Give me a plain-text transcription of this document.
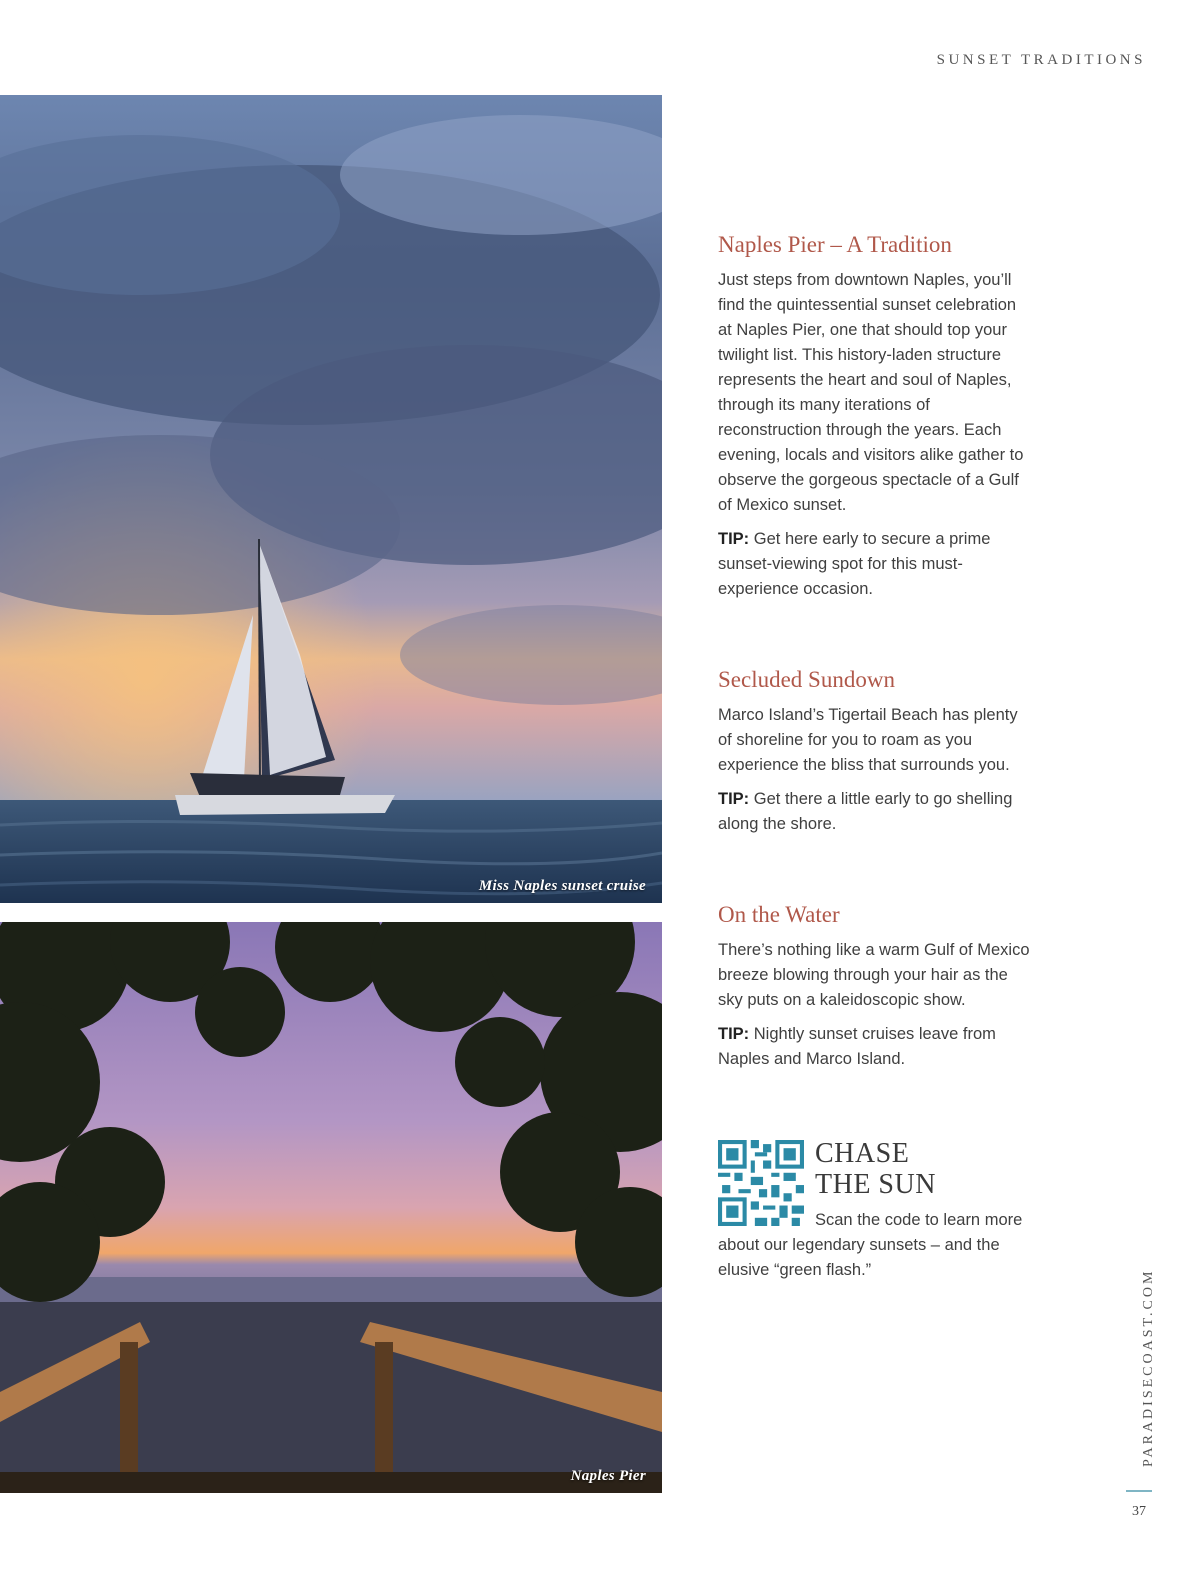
SUNSET TRADITIONS
Miss Naples sunset cruise
Naples Pier
Naples Pier – A Tradition

Just steps from downtown Naples, you’ll find the quintessential sunset celebration at Naples Pier, one that should top your twilight list. This history-laden structure represents the heart and soul of Naples, through its many iterations of reconstruction through the years. Each evening, locals and visitors alike gather to observe the gorgeous spectacle of a Gulf of Mexico sunset.

TIP: Get here early to secure a prime sunset-viewing spot for this must-experience occasion.

Secluded Sundown

Marco Island’s Tigertail Beach has plenty of shoreline for you to roam as you experience the bliss that surrounds you.

TIP: Get there a little early to go shelling along the shore.

On the Water

There’s nothing like a warm Gulf of Mexico breeze blowing through your hair as the sky puts on a kaleidoscopic show.

TIP: Nightly sunset cruises leave from Naples and Marco Island.

CHASE
THE SUN
Scan the code to learn more about our legendary sunsets – and the elusive “green flash.”	PARADISECOAST.COM
37
